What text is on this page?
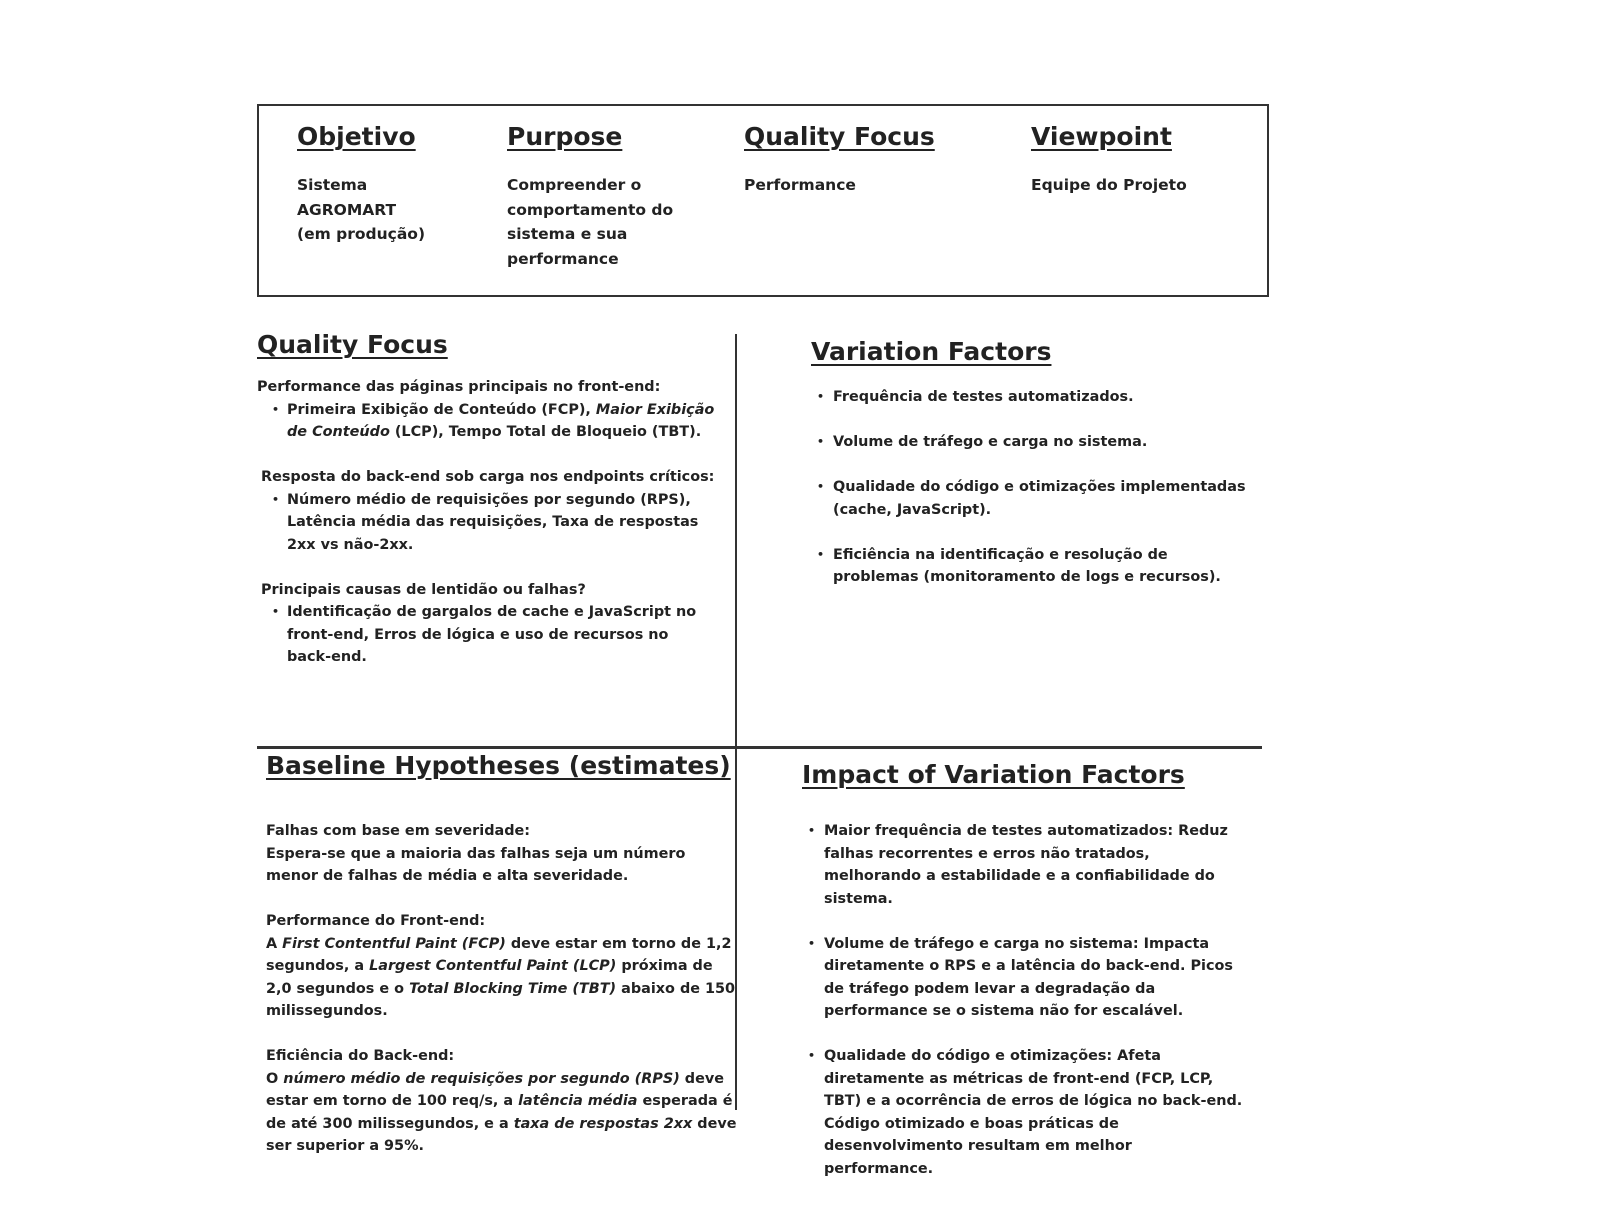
Objetivo
Sistema
AGROMART
(em produção)
Purpose
Compreender o
comportamento do
sistema e sua
performance
Quality Focus
Performance
Viewpoint
Equipe do Projeto
Quality Focus
Performance das páginas principais no front-end:
• Primeira Exibição de Conteúdo (FCP), Maior Exibição
de Conteúdo (LCP), Tempo Total de Bloqueio (TBT).
Resposta do back-end sob carga nos endpoints críticos:
• Número médio de requisições por segundo (RPS),
Latência média das requisições, Taxa de respostas
2xx vs não-2xx.
Principais causas de lentidão ou falhas?
• Identificação de gargalos de cache e JavaScript no
front-end, Erros de lógica e uso de recursos no
back-end.
Variation Factors
• Frequência de testes automatizados.
• Volume de tráfego e carga no sistema.
• Qualidade do código e otimizações implementadas
(cache, JavaScript).
• Eficiência na identificação e resolução de
problemas (monitoramento de logs e recursos).
Baseline Hypotheses (estimates)
Falhas com base em severidade:
Espera-se que a maioria das falhas seja um número
menor de falhas de média e alta severidade.
Performance do Front-end:
A First Contentful Paint (FCP) deve estar em torno de 1,2
segundos, a Largest Contentful Paint (LCP) próxima de
2,0 segundos e o Total Blocking Time (TBT) abaixo de 150
milissegundos.
Eficiência do Back-end:
O número médio de requisições por segundo (RPS) deve
estar em torno de 100 req/s, a latência média esperada é
de até 300 milissegundos, e a taxa de respostas 2xx deve
ser superior a 95%.
Impact of Variation Factors
• Maior frequência de testes automatizados: Reduz
falhas recorrentes e erros não tratados,
melhorando a estabilidade e a confiabilidade do
sistema.
• Volume de tráfego e carga no sistema: Impacta
diretamente o RPS e a latência do back-end. Picos
de tráfego podem levar a degradação da
performance se o sistema não for escalável.
• Qualidade do código e otimizações: Afeta
diretamente as métricas de front-end (FCP, LCP,
TBT) e a ocorrência de erros de lógica no back-end.
Código otimizado e boas práticas de
desenvolvimento resultam em melhor
performance.
